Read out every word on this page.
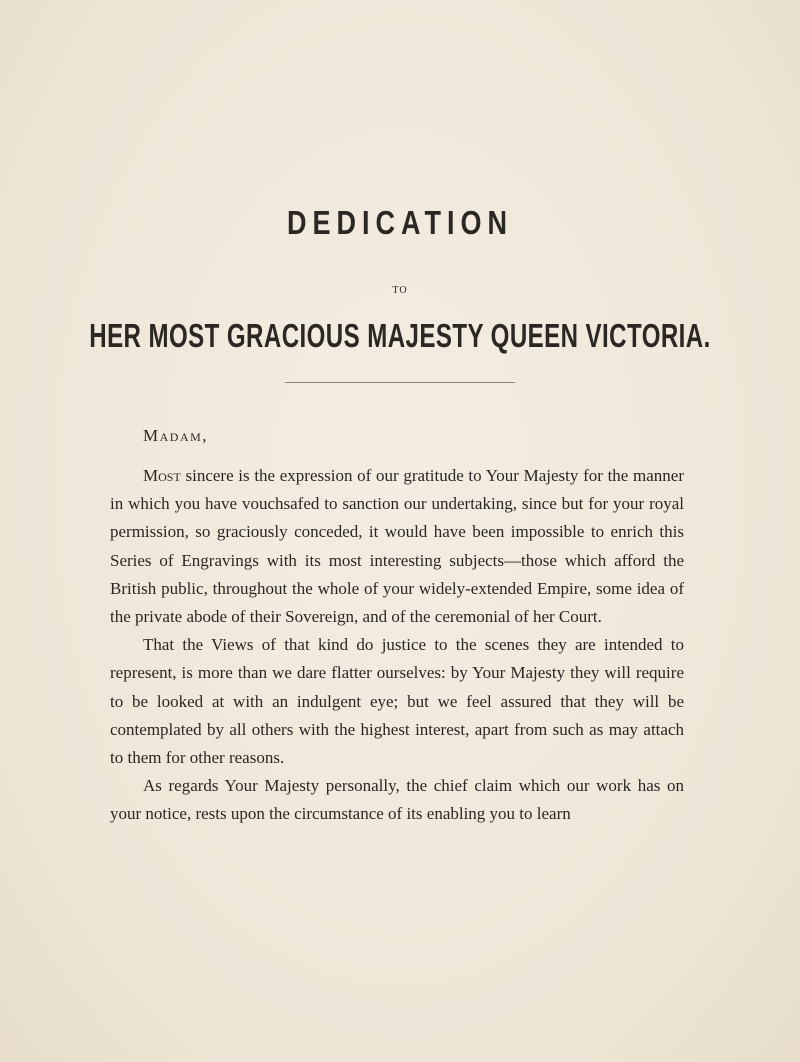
DEDICATION
TO
HER MOST GRACIOUS MAJESTY QUEEN VICTORIA.
Madam,

Most sincere is the expression of our gratitude to Your Majesty for the manner in which you have vouchsafed to sanction our undertaking, since but for your royal permission, so graciously conceded, it would have been impossible to enrich this Series of Engravings with its most interesting subjects—those which afford the British public, throughout the whole of your widely-extended Empire, some idea of the private abode of their Sovereign, and of the ceremonial of her Court.

That the Views of that kind do justice to the scenes they are intended to represent, is more than we dare flatter ourselves: by Your Majesty they will require to be looked at with an indulgent eye; but we feel assured that they will be contemplated by all others with the highest interest, apart from such as may attach to them for other reasons.

As regards Your Majesty personally, the chief claim which our work has on your notice, rests upon the circumstance of its enabling you to learn
